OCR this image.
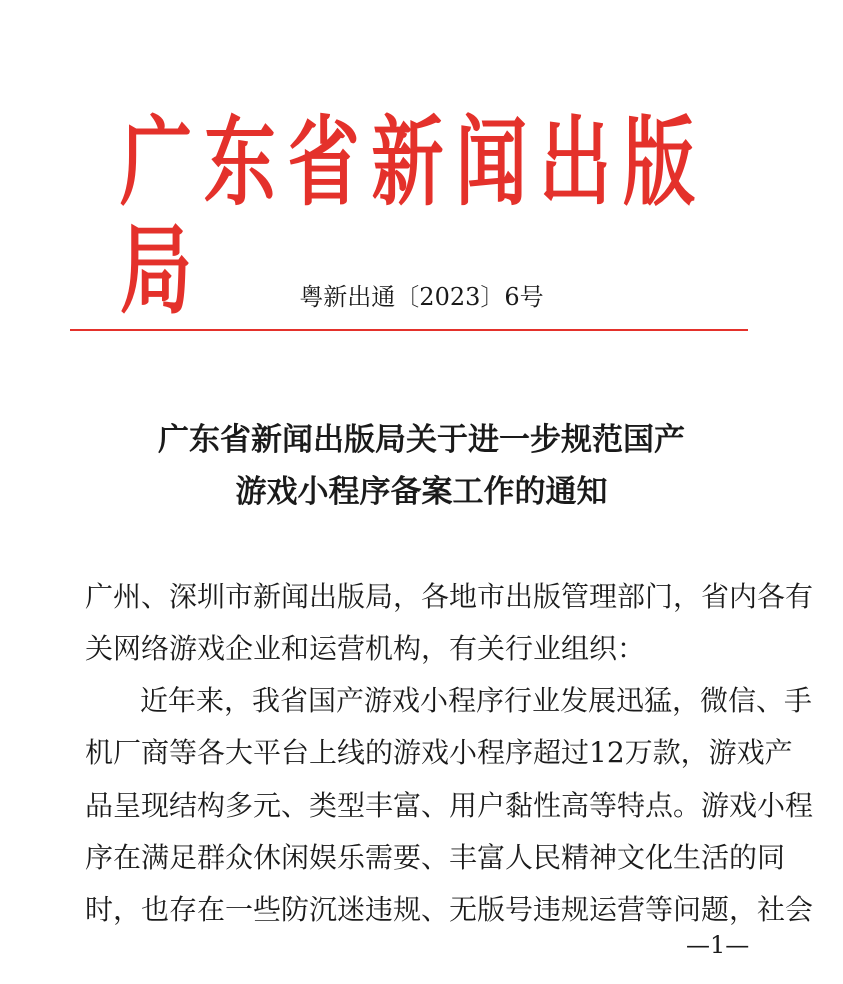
广东省新闻出版局	粤新出通〔2023〕6号
广东省新闻出版局关于进一步规范国产
游戏小程序备案工作的通知
广州、深圳市新闻出版局，各地市出版管理部门，省内各有
关网络游戏企业和运营机构，有关行业组织：
近年来，我省国产游戏小程序行业发展迅猛，微信、手
机厂商等各大平台上线的游戏小程序超过12万款，游戏产
品呈现结构多元、类型丰富、用户黏性高等特点。游戏小程
序在满足群众休闲娱乐需要、丰富人民精神文化生活的同
时，也存在一些防沉迷违规、无版号违规运营等问题，社会
—1—
